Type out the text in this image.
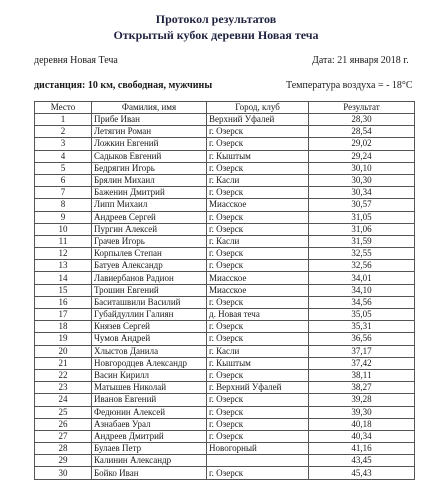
Протокол результатов
Открытый кубок деревни Новая теча
деревня Новая Теча	Дата: 21 января 2018 г.
дистанция: 10 км, свободная, мужчины	Температура воздуха = - 18°С
Место	Фамилия, имя	Город, клуб	Результат
1	Прибе Иван	Верхний Уфалей	28,30
2	Летягин Роман	г. Озерск	28,54
3	Ложкин Евгений	г. Озерск	29,02
4	Садыков Евгений	г. Кыштым	29,24
5	Бедрягин Игорь	г. Озерск	30,10
6	Брялин Михаил	г. Касли	30,30
7	Баженин Дмитрий	г. Озерск	30,34
8	Липп Михаил	Миасское	30,57
9	Андреев Сергей	г. Озерск	31,05
10	Пургин Алексей	г. Озерск	31,06
11	Грачев Игорь	г. Касли	31,59
12	Корпылев Степан	г. Озерск	32,55
13	Батуев Александр	г. Озерск	32,56
14	Лавиербанов Радион	Миасское	34,01
15	Трошин Евгений	Миасское	34,10
16	Баситашвили Василий	г. Озерск	34,56
17	Губайдуллин Галиян	д. Новая теча	35,05
18	Князев Сергей	г. Озерск	35,31
19	Чумов Андрей	г. Озерск	36,56
20	Хлыстов Данила	г. Касли	37,17
21	Новгородцев Александр	г. Кыштым	37,42
22	Васин Кирилл	г. Озерск	38,11
23	Матышев Николай	г. Верхний Уфалей	38,27
24	Иванов Евгений	г. Озерск	39,28
25	Федюнин Алексей	г. Озерск	39,30
26	Азнабаев Урал	г. Озерск	40,18
27	Андреев Дмитрий	г. Озерск	40,34
28	Булаев Петр	Новогорный	41,16
29	Калинин Александр		43,45
30	Бойко Иван	г. Озерск	45,43
